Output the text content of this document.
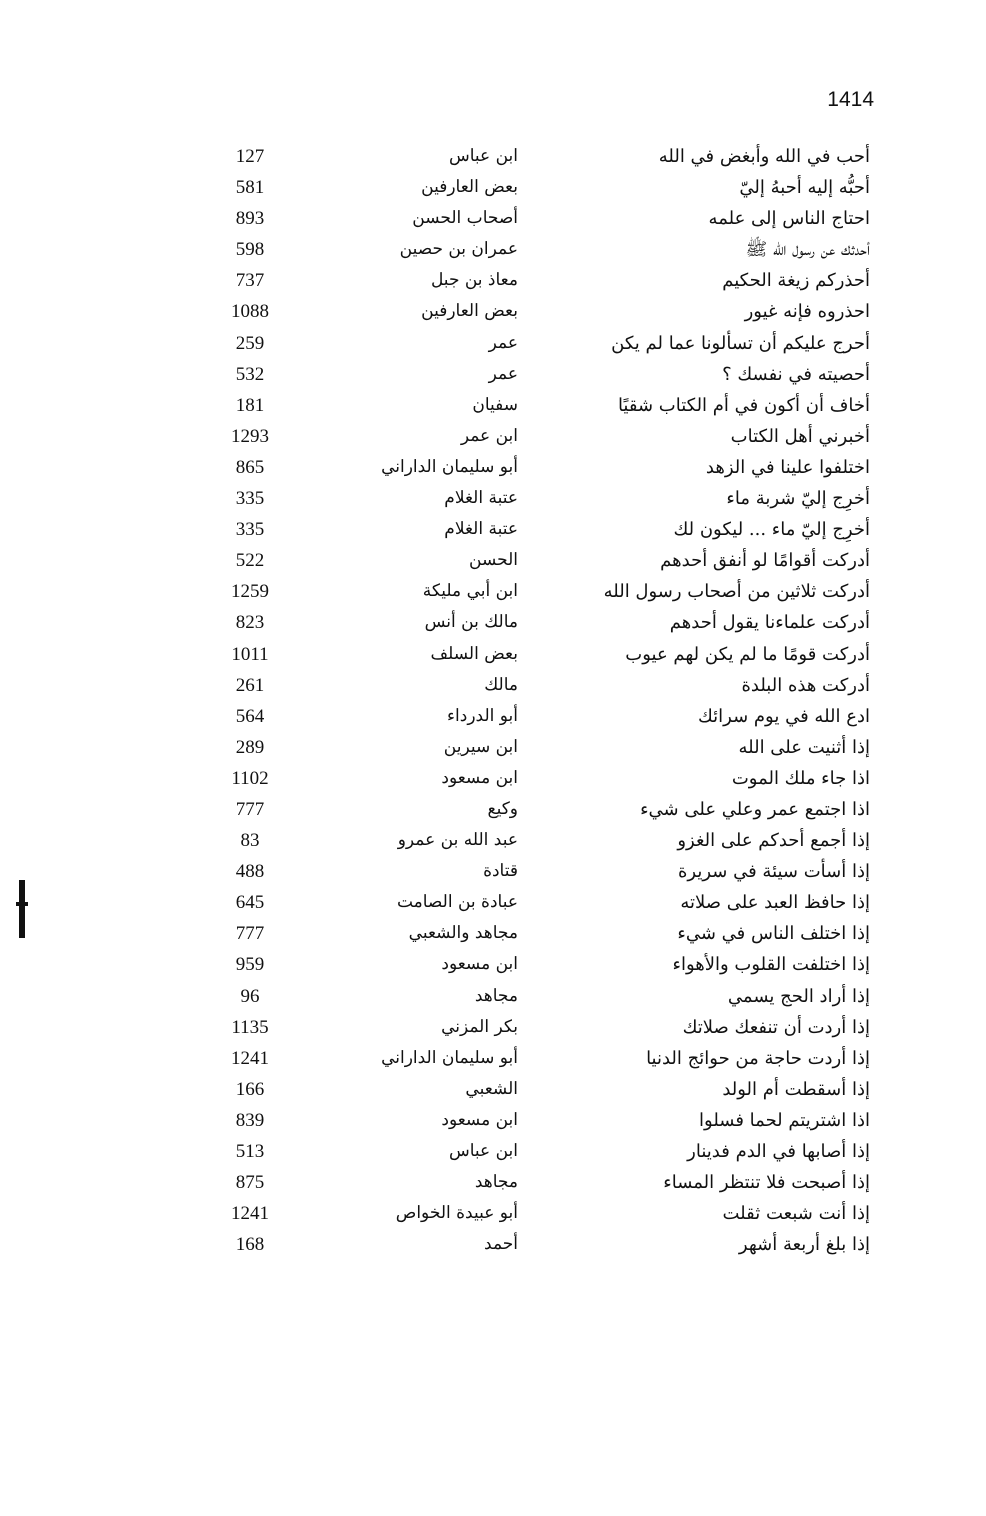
1414
أحب في الله وأبغض في الله
ابن عباس
127
أحبُّه إليه أحبهُ إليّ
بعض العارفين
581
احتاج الناس إلى علمه
أصحاب الحسن
893
أحدثك عن رسول الله ﷺ
عمران بن حصين
598
أحذركم زيغة الحكيم
معاذ بن جبل
737
احذروه فإنه غيور
بعض العارفين
1088
أحرج عليكم أن تسألونا عما لم يكن
عمر
259
أحصيته في نفسك ؟
عمر
532
أخاف أن أكون في أم الكتاب شقيًا
سفيان
181
أخبرني أهل الكتاب
ابن عمر
1293
اختلفوا علينا في الزهد
أبو سليمان الداراني
865
أخرِج إليّ شربة ماء
عتبة الغلام
335
أخرِج إليّ ماء ... ليكون لك
عتبة الغلام
335
أدركت أقوامًا لو أنفق أحدهم
الحسن
522
أدركت ثلاثين من أصحاب رسول الله
ابن أبي مليكة
1259
أدركت علماءنا يقول أحدهم
مالك بن أنس
823
أدركت قومًا ما لم يكن لهم عيوب
بعض السلف
1011
أدركت هذه البلدة
مالك
261
ادع الله في يوم سرائك
أبو الدرداء
564
إذا أثنيت على الله
ابن سيرين
289
اذا جاء ملك الموت
ابن مسعود
1102
اذا اجتمع عمر وعلي على شيء
وكيع
777
إذا أجمع أحدكم على الغزو
عبد الله بن عمرو
83
إذا أسأت سيئة في سريرة
قتادة
488
إذا حافظ العبد على صلاته
عبادة بن الصامت
645
إذا اختلف الناس في شيء
مجاهد والشعبي
777
إذا اختلفت القلوب والأهواء
ابن مسعود
959
إذا أراد الحج يسمي
مجاهد
96
إذا أردت أن تنفعك صلاتك
بكر المزني
1135
إذا أردت حاجة من حوائج الدنيا
أبو سليمان الداراني
1241
إذا أسقطت أم الولد
الشعبي
166
اذا اشتريتم لحما فسلوا
ابن مسعود
839
إذا أصابها في الدم فدينار
ابن عباس
513
إذا أصبحت فلا تنتظر المساء
مجاهد
875
إذا أنت شبعت ثقلت
أبو عبيدة الخواص
1241
إذا بلغ أربعة أشهر
أحمد
168
